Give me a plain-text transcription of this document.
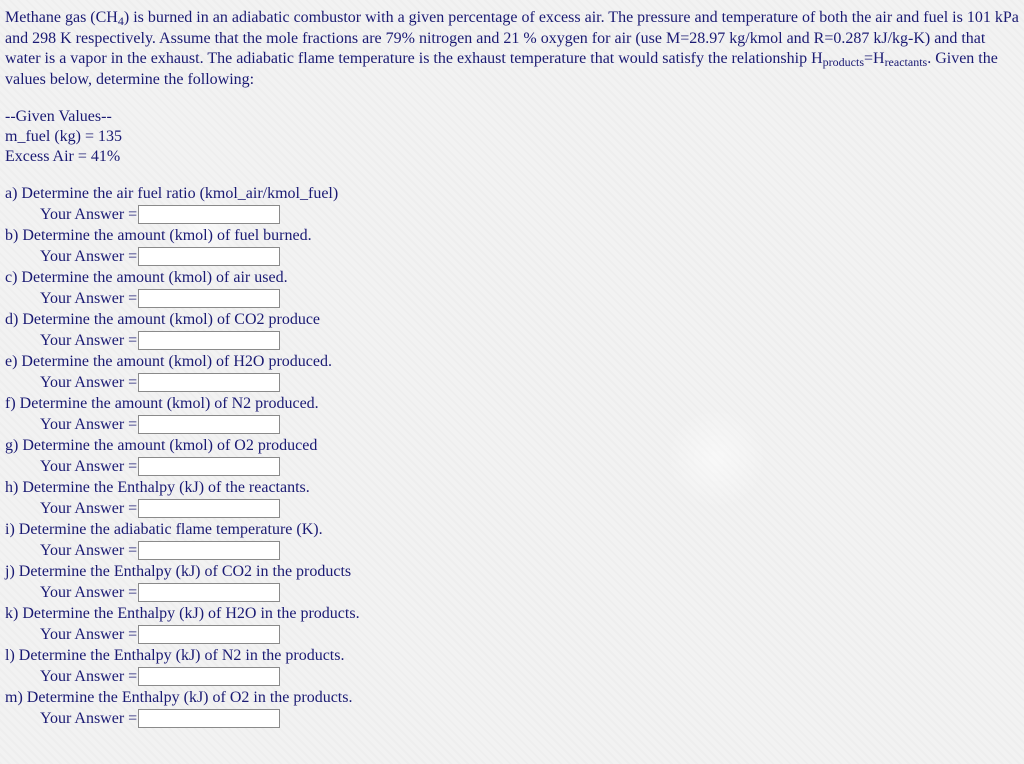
Methane gas $(CH_4)$ is burned in an adiabatic combustor with a given percentage of excess air. The pressure and temperature of both the air and fuel is 101 kPa and 298 K respectively. Assume that the mole fractions are 79% nitrogen and 21 % oxygen for air (use M=28.97 kg/kmol and R=0.287 kJ/kg-K) and that water is a vapor in the exhaust. The adiabatic flame temperature is the exhaust temperature that would satisfy the relationship $H_{products}=H_{reactants}$. Given the values below, determine the following:

--Given Values--
m_fuel (kg) = 135
Excess Air = 41%
a) Determine the air fuel ratio (kmol_air/kmol_fuel)
Your Answer =
b) Determine the amount (kmol) of fuel burned.
Your Answer =
c) Determine the amount (kmol) of air used.
Your Answer =
d) Determine the amount (kmol) of CO2 produce
Your Answer =
e) Determine the amount (kmol) of H2O produced.
Your Answer =
f) Determine the amount (kmol) of N2 produced.
Your Answer =
g) Determine the amount (kmol) of O2 produced
Your Answer =
h) Determine the Enthalpy (kJ) of the reactants.
Your Answer =
i) Determine the adiabatic flame temperature (K).
Your Answer =
j) Determine the Enthalpy (kJ) of CO2 in the products
Your Answer =
k) Determine the Enthalpy (kJ) of H2O in the products.
Your Answer =
l) Determine the Enthalpy (kJ) of N2 in the products.
Your Answer =
m) Determine the Enthalpy (kJ) of O2 in the products.
Your Answer =
